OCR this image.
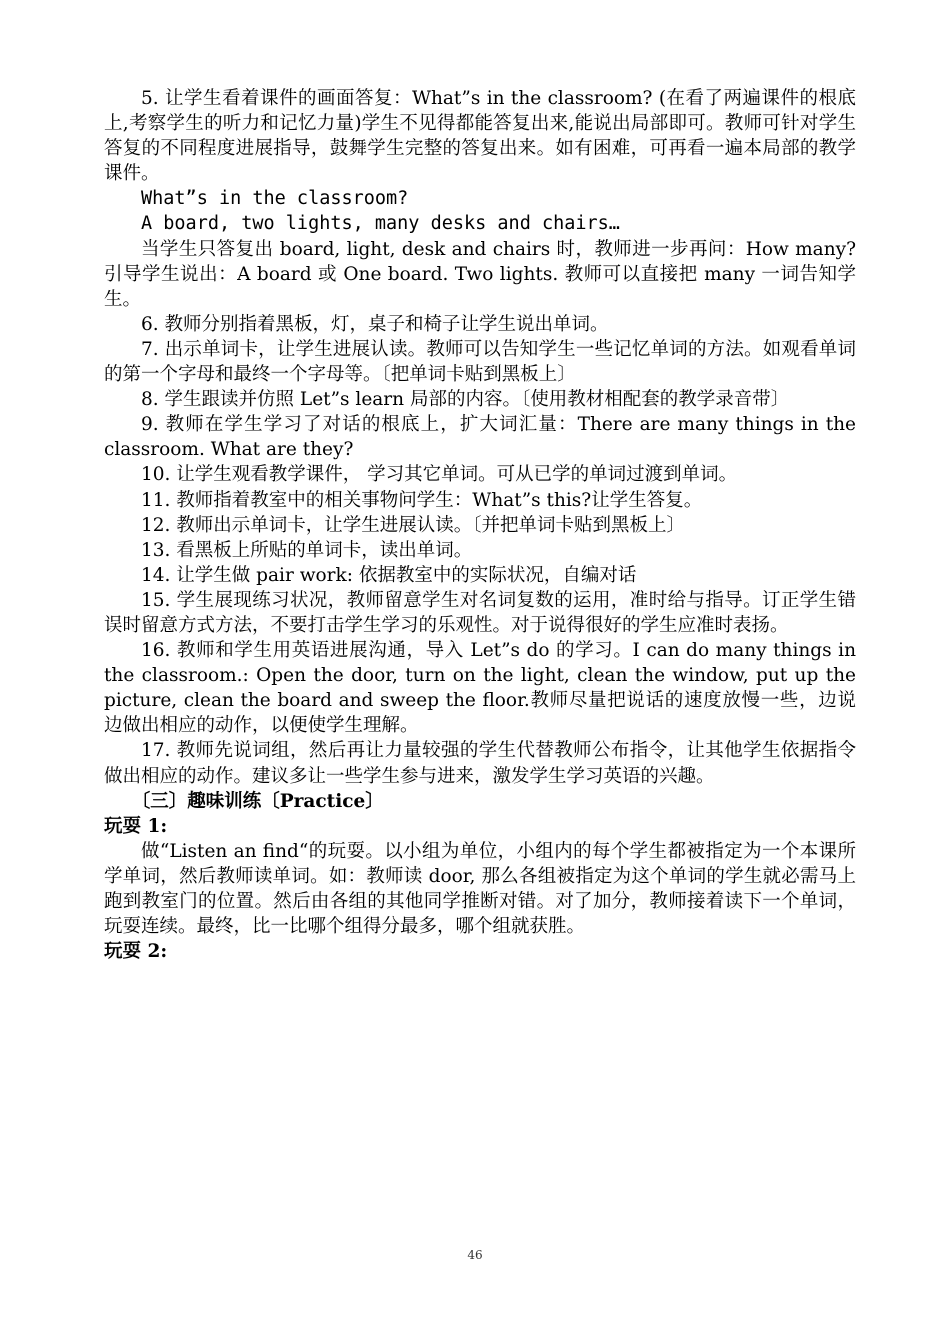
5. 让学生看着课件的画面答复：What”s in the classroom? (在看了两遍课件的根底上,考察学生的听力和记忆力量)学生不见得都能答复出来,能说出局部即可。教师可针对学生答复的不同程度进展指导，鼓舞学生完整的答复出来。如有困难，可再看一遍本局部的教学课件。

What”s in the classroom?

A board, two lights, many desks and chairs…

当学生只答复出 board, light, desk and chairs 时，教师进一步再问：How many?引导学生说出：A board 或 One board. Two lights. 教师可以直接把 many 一词告知学生。

6. 教师分别指着黑板，灯，桌子和椅子让学生说出单词。

7. 出示单词卡，让学生进展认读。教师可以告知学生一些记忆单词的方法。如观看单词的第一个字母和最终一个字母等。〔把单词卡贴到黑板上〕

8. 学生跟读并仿照 Let”s learn 局部的内容。〔使用教材相配套的教学录音带〕

9. 教师在学生学习了对话的根底上，扩大词汇量：There are many things in the classroom. What are they?

10. 让学生观看教学课件， 学习其它单词。可从已学的单词过渡到单词。

11. 教师指着教室中的相关事物问学生：What”s this?让学生答复。

12. 教师出示单词卡，让学生进展认读。〔并把单词卡贴到黑板上〕

13. 看黑板上所贴的单词卡，读出单词。

14. 让学生做 pair work: 依据教室中的实际状况，自编对话

15. 学生展现练习状况，教师留意学生对名词复数的运用，准时给与指导。订正学生错误时留意方式方法，不要打击学生学习的乐观性。对于说得很好的学生应准时表扬。

16. 教师和学生用英语进展沟通，导入 Let”s do 的学习。I can do many things in the classroom.: Open the door, turn on the light, clean the window, put up the picture, clean the board and sweep the floor.教师尽量把说话的速度放慢一些，边说边做出相应的动作，以便使学生理解。

17. 教师先说词组，然后再让力量较强的学生代替教师公布指令，让其他学生依据指令做出相应的动作。建议多让一些学生参与进来，激发学生学习英语的兴趣。

〔三〕趣味训练〔Practice〕

玩耍 1:

做“Listen an find“的玩耍。以小组为单位，小组内的每个学生都被指定为一个本课所学单词，然后教师读单词。如：教师读 door, 那么各组被指定为这个单词的学生就必需马上跑到教室门的位置。然后由各组的其他同学推断对错。对了加分，教师接着读下一个单词，玩耍连续。最终，比一比哪个组得分最多，哪个组就获胜。

玩耍 2:

46
